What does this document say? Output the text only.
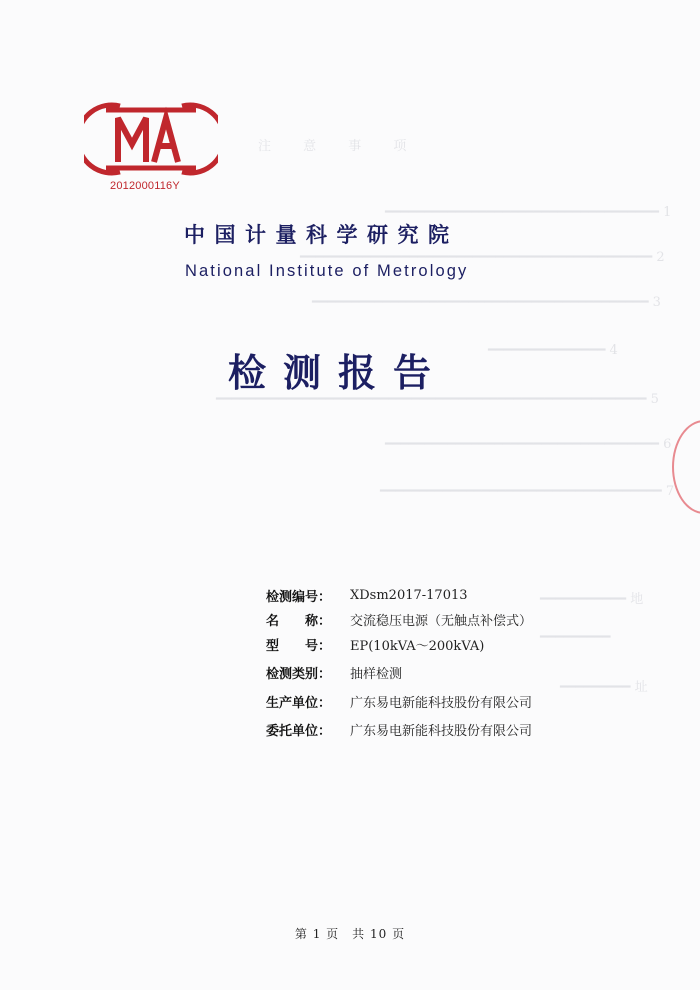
注 意 事 项
━━━━━━━━━━━━━━━━━━━━━━━━━━━━━━━━━━━ 1
━━━━━━━━━━━━━━━━━━━━━━━━━━━━━━━━━━━━━━━━━━━━━ 2
━━━━━━━━━━━━━━━━━━━━━━━━━━━━━━━━━━━━━━━━━━━ 3
━━━━━━━━━━━━━━━ 4
━━━━━━━━━━━━━━━━━━━━━━━━━━━━━━━━━━━━━━━━━━━━━━━━━━━━━━━ 5
━━━━━━━━━━━━━━━━━━━━━━━━━━━━━━━━━━━ 6
━━━━━━━━━━━━━━━━━━━━━━━━━━━━━━━━━━━━ 7
━━━━━━━━━━━ 地
━━━━━━━━━
━━━━━━━━━ 址
2012000116Y
中国计量科学研究院
National Institute of Metrology
检测报告
检测编号：	XDsm2017-17013
名　　称：	交流稳压电源（无触点补偿式）
型　　号：	EP(10kVA～200kVA)
检测类别：	抽样检测
生产单位：	广东易电新能科技股份有限公司
委托单位：	广东易电新能科技股份有限公司
第 1 页　共 10 页
